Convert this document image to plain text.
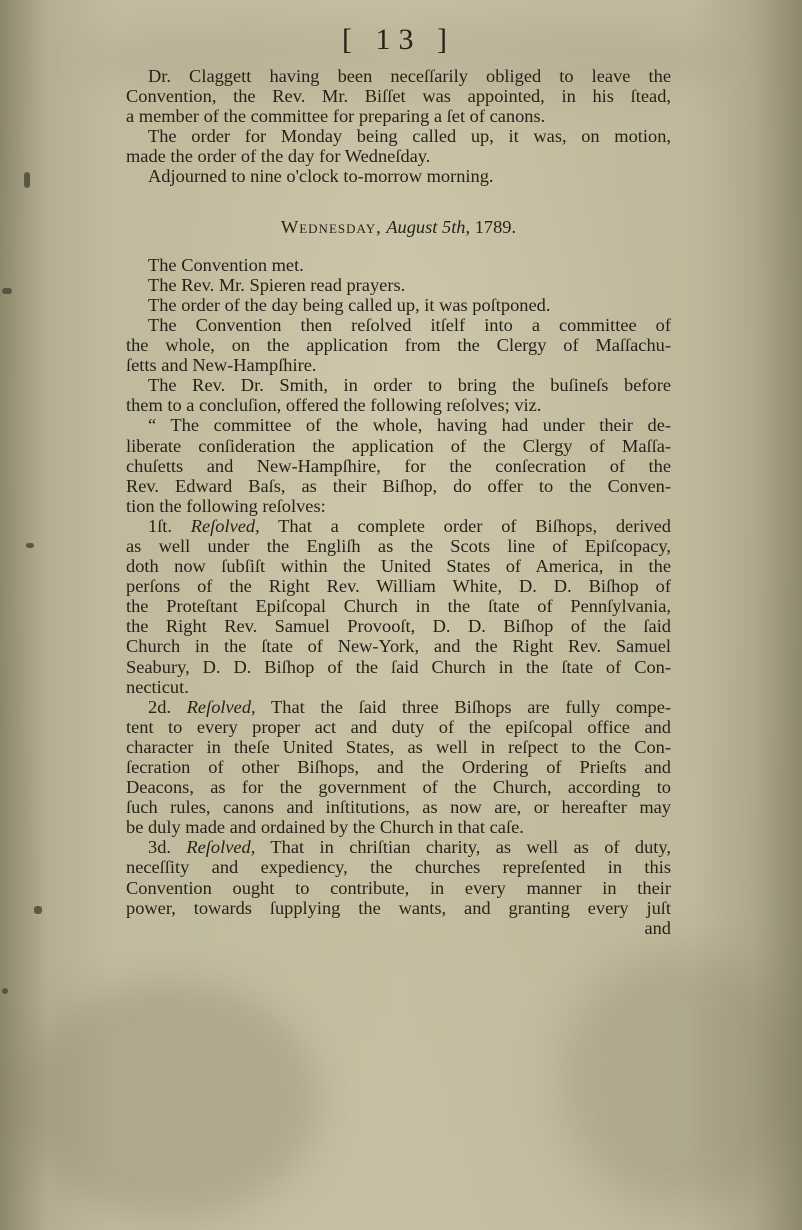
[ 13 ]
Dr. Claggett having been neceſſarily obliged to leave the
Convention, the Rev. Mr. Biſſet was appointed, in his ſtead,
a member of the committee for preparing a ſet of canons.
The order for Monday being called up, it was, on motion,
made the order of the day for Wedneſday.
Adjourned to nine o'clock to-morrow morning.
Wednesday, August 5th, 1789.
The Convention met.
The Rev. Mr. Spieren read prayers.
The order of the day being called up, it was poſtponed.
The Convention then reſolved itſelf into a committee of
the whole, on the application from the Clergy of Maſſachu-
ſetts and New-Hampſhire.
The Rev. Dr. Smith, in order to bring the buſineſs before
them to a concluſion, offered the following reſolves; viz.
“ The committee of the whole, having had under their de-
liberate conſideration the application of the Clergy of Maſſa-
chuſetts and New-Hampſhire, for the conſecration of the
Rev. Edward Baſs, as their Biſhop, do offer to the Conven-
tion the following reſolves:
1ſt. Reſolved, That a complete order of Biſhops, derived
as well under the Engliſh as the Scots line of Epiſcopacy,
doth now ſubſiſt within the United States of America, in the
perſons of the Right Rev. William White, D. D. Biſhop of
the Proteſtant Epiſcopal Church in the ſtate of Pennſylvania,
the Right Rev. Samuel Provooſt, D. D. Biſhop of the ſaid
Church in the ſtate of New-York, and the Right Rev. Samuel
Seabury, D. D. Biſhop of the ſaid Church in the ſtate of Con-
necticut.
2d. Reſolved, That the ſaid three Biſhops are fully compe-
tent to every proper act and duty of the epiſcopal office and
character in theſe United States, as well in reſpect to the Con-
ſecration of other Biſhops, and the Ordering of Prieſts and
Deacons, as for the government of the Church, according to
ſuch rules, canons and inſtitutions, as now are, or hereafter may
be duly made and ordained by the Church in that caſe.
3d. Reſolved, That in chriſtian charity, as well as of duty,
neceſſity and expediency, the churches repreſented in this
Convention ought to contribute, in every manner in their
power, towards ſupplying the wants, and granting every juſt
and
